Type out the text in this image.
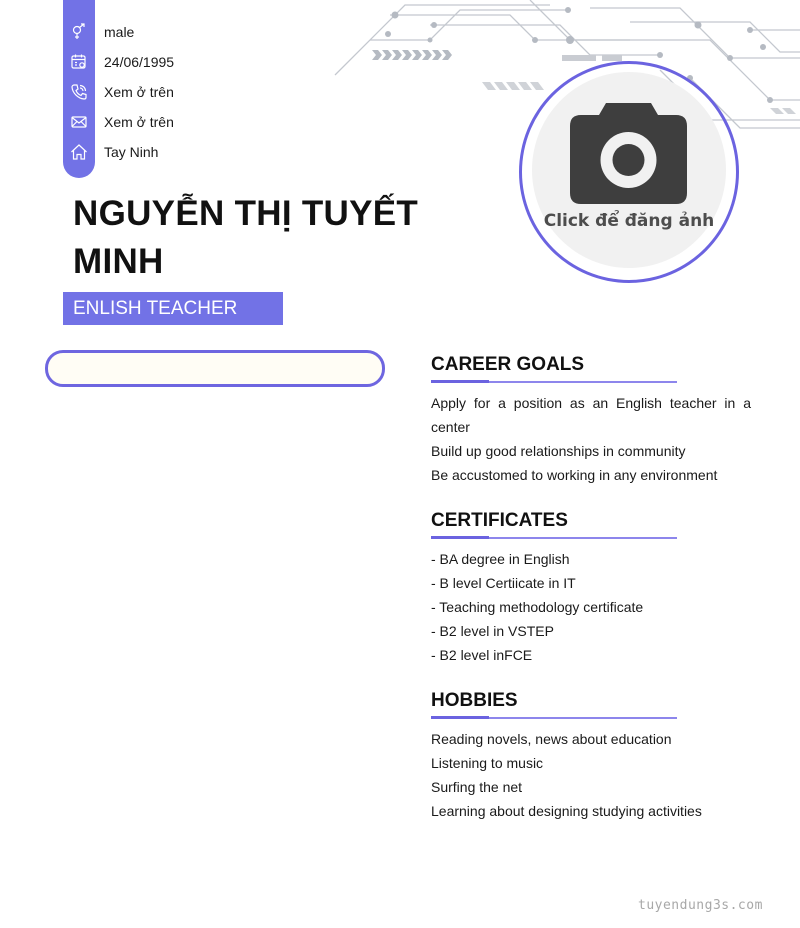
male
24/06/1995
Xem ở trên
Xem ở trên
Tay Ninh
NGUYỄN THỊ TUYẾT MINH
ENLISH TEACHER
Click để đăng ảnh
CAREER GOALS
Apply for a position as an English teacher in a center
Build up good relationships in community
Be accustomed to working in any environment
CERTIFICATES
- BA degree in English
- B level Certiicate in IT
- Teaching methodology certificate
- B2 level in VSTEP
- B2 level inFCE
HOBBIES
Reading novels, news about education
Listening to music
Surfing the net
Learning about designing studying activities
tuyendung3s.com
